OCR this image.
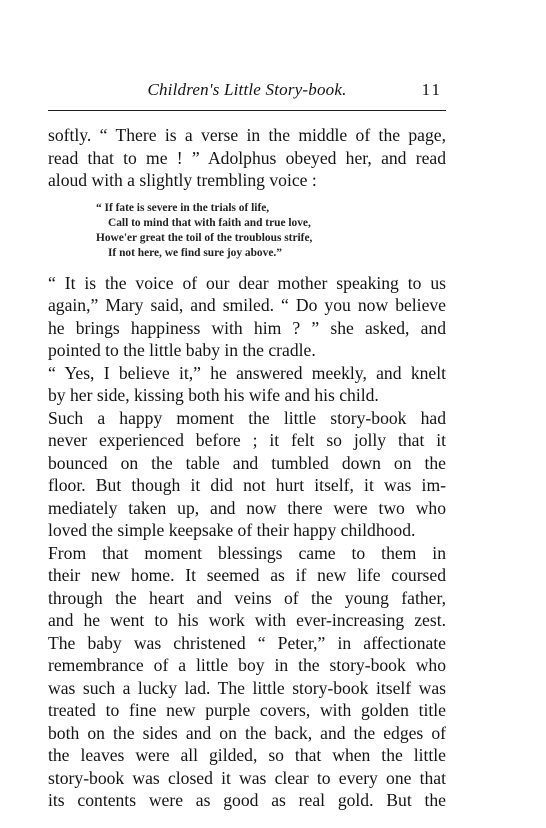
Children's Little Story-book.	11

softly. “ There is a verse in the middle of the page,
read that to me ! ” Adolphus obeyed her, and read
aloud with a slightly trembling voice :

“ If fate is severe in the trials of life,
Call to mind that with faith and true love,
Howe'er great the toil of the troublous strife,
If not here, we find sure joy above.”

“ It is the voice of our dear mother speaking to us
again,” Mary said, and smiled. “ Do you now believe
he brings happiness with him ? ” she asked, and
pointed to the little baby in the cradle.

“ Yes, I believe it,” he answered meekly, and knelt
by her side, kissing both his wife and his child.

Such a happy moment the little story-book had
never experienced before ; it felt so jolly that it
bounced on the table and tumbled down on the
floor. But though it did not hurt itself, it was im-
mediately taken up, and now there were two who
loved the simple keepsake of their happy childhood.

From that moment blessings came to them in
their new home. It seemed as if new life coursed
through the heart and veins of the young father,
and he went to his work with ever-increasing zest.
The baby was christened “ Peter,” in affectionate
remembrance of a little boy in the story-book who
was such a lucky lad. The little story-book itself was
treated to fine new purple covers, with golden title
both on the sides and on the back, and the edges of
the leaves were all gilded, so that when the little
story-book was closed it was clear to every one that
its contents were as good as real gold. But the
